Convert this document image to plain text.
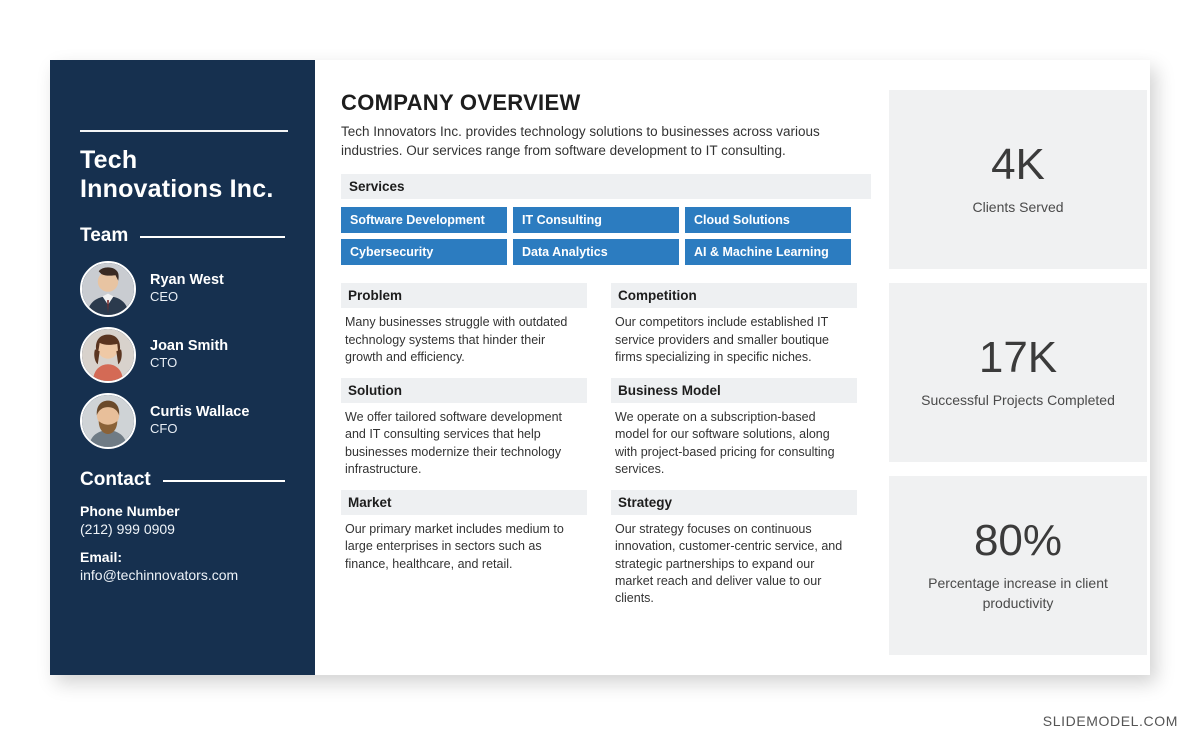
Tech Innovations Inc.
Team
Ryan West
CEO
Joan Smith
CTO
Curtis Wallace
CFO
Contact
Phone Number
(212) 999 0909
Email:
info@techinnovators.com
COMPANY OVERVIEW

Tech Innovators Inc. provides technology solutions to businesses across various industries. Our services range from software development to IT consulting.

Services
Software Development	IT Consulting	Cloud Solutions
Cybersecurity	Data Analytics	AI & Machine Learning
Problem

Many businesses struggle with outdated technology systems that hinder their growth and efficiency.

Solution

We offer tailored software development and IT consulting services that help businesses modernize their technology infrastructure.

Market

Our primary market includes medium to large enterprises in sectors such as finance, healthcare, and retail.

Competition

Our competitors include established IT service providers and smaller boutique firms specializing in specific niches.

Business Model

We operate on a subscription-based model for our software solutions, along with project-based pricing for consulting services.

Strategy

Our strategy focuses on continuous innovation, customer-centric service, and strategic partnerships to expand our market reach and deliver value to our clients.

4K
Clients Served
17K
Successful Projects Completed
80%
Percentage increase in client productivity
SLIDEMODEL.COM
